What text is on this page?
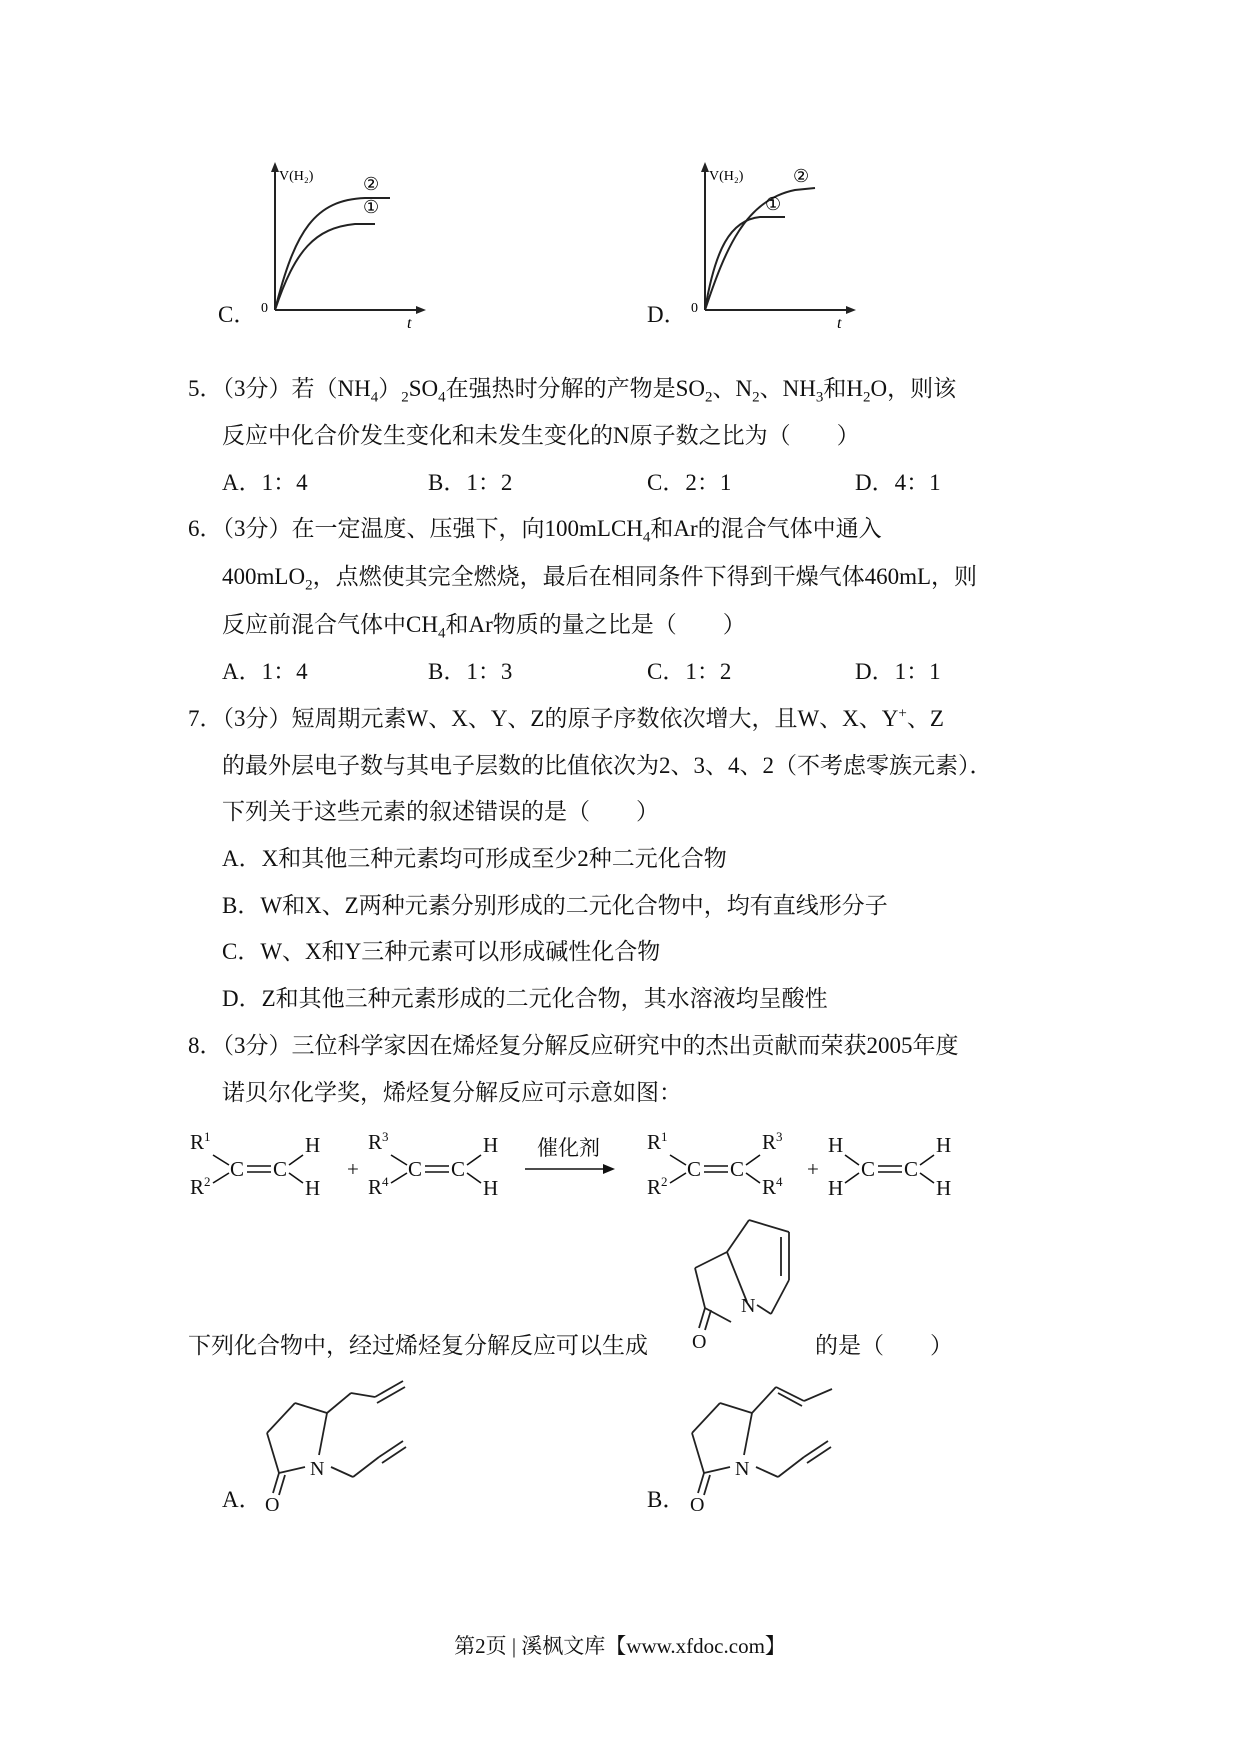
C．
V(H₂)
t
0
②
①
D．
V(H₂)
t
0
②
①
5．（3分）若$(NH_4)_2SO_4$在强热时分解的产物是$SO_2$、$N_2$、$NH_3$和$H_2O$，则该
反应中化合价发生变化和未发生变化的N原子数之比为（　　）
A．1：4	B．1：2	C．2：1	D．4：1
6．（3分）在一定温度、压强下，向100mLCH$_4$和Ar的混合气体中通入
400mLO$_2$，点燃使其完全燃烧，最后在相同条件下得到干燥气体460mL，则
反应前混合气体中$CH_4$和Ar物质的量之比是（　　）
A．1：4	B．1：3	C．1：2	D．1：1
7．（3分）短周期元素W、X、Y、Z的原子序数依次增大，且W、X、Y+、Z
的最外层电子数与其电子层数的比值依次为2、3、4、2（不考虑零族元素）．
下列关于这些元素的叙述错误的是（　　）
A．X和其他三种元素均可形成至少2种二元化合物
B．W和X、Z两种元素分别形成的二元化合物中，均有直线形分子
C．W、X和Y三种元素可以形成碱性化合物
D．Z和其他三种元素形成的二元化合物，其水溶液均呈酸性
8．（3分）三位科学家因在烯烃复分解反应研究中的杰出贡献而荣获2005年度
诺贝尔化学奖，烯烃复分解反应可示意如图：
$R^1$
$R^2$
C C
H
H
+
$R^3$
$R^4$
C C
H
H
催化剂 $R^1$
$R^2$
C C
$R^3$
$R^4$
+
H
H
C C
H
H
下列化合物中，经过烯烃复分解反应可以生成
N
O	的是（　　）
A．
N
O	B．
N
O
第2页 | 溪枫文库【www.xfdoc.com】
